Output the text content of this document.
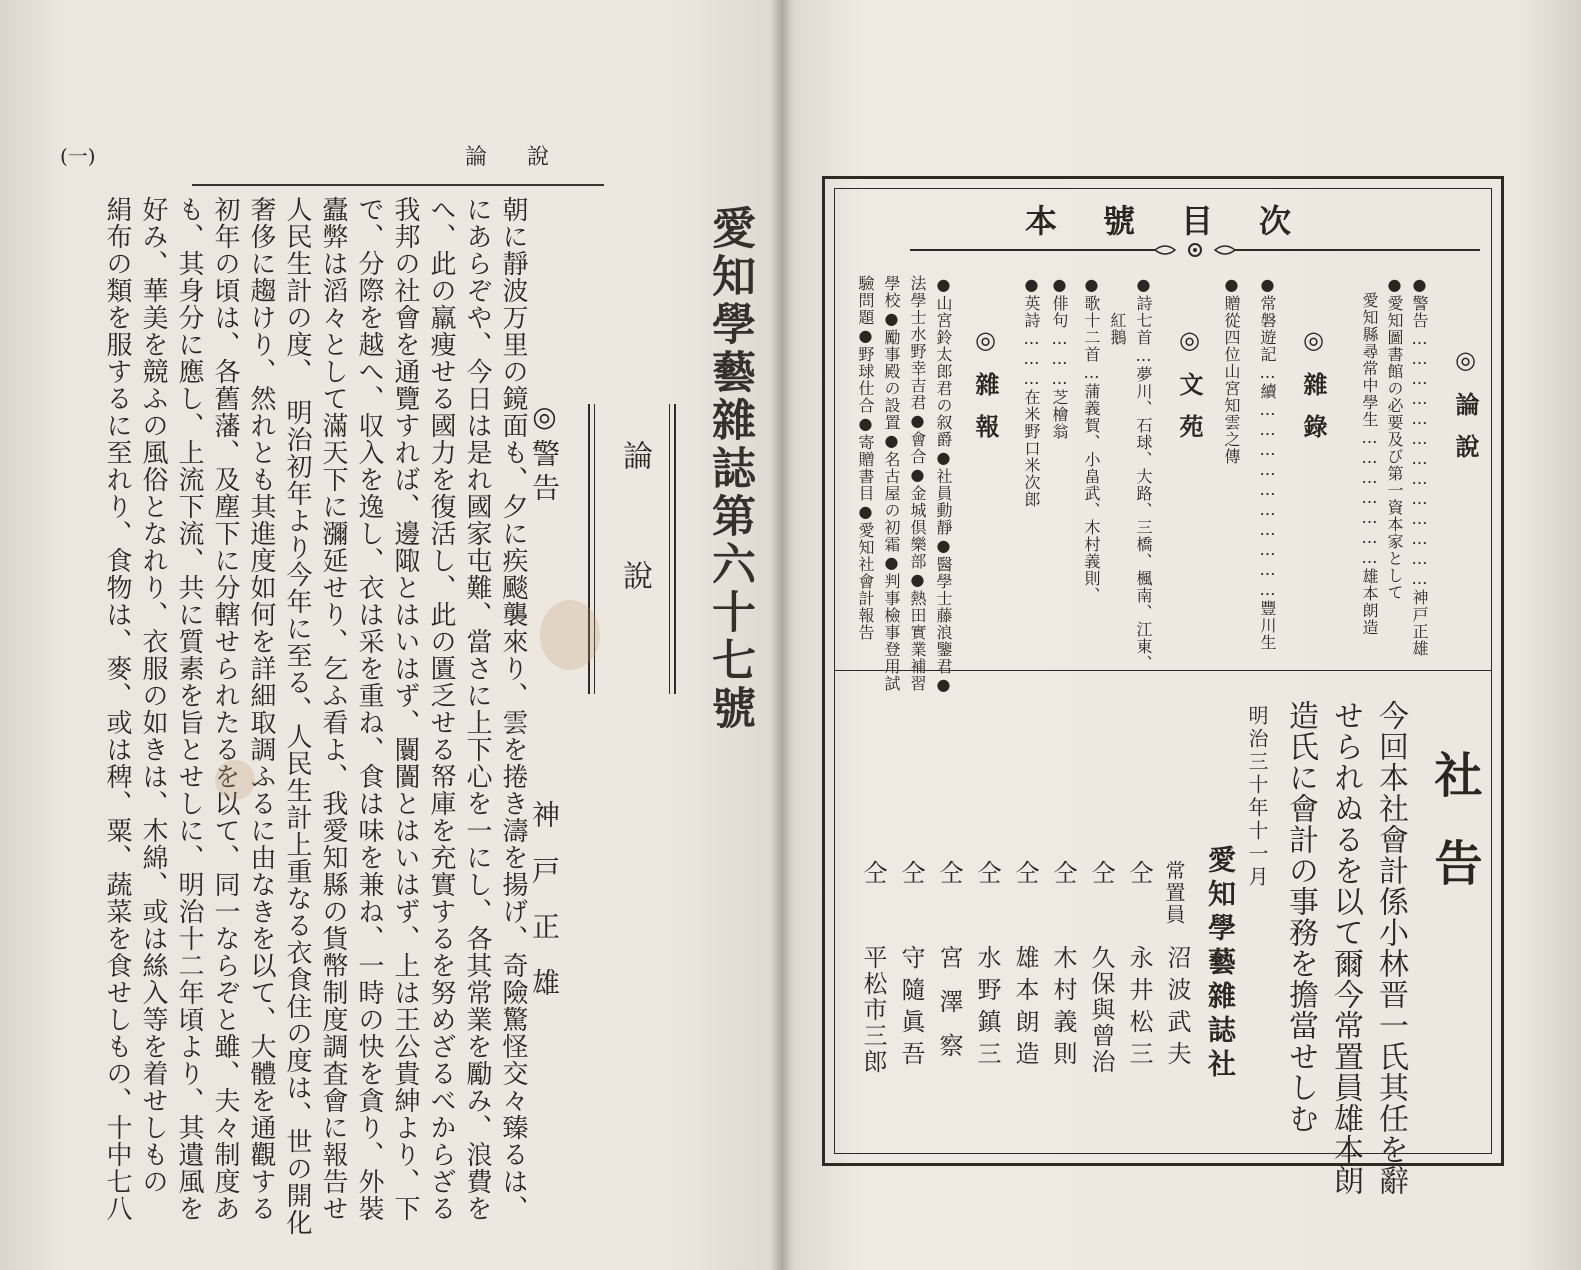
論說
(一)
朝に靜波万里の鏡面も、夕に疾颷襲來り、雲を捲き濤を揚げ、奇險驚怪交々臻るは、
にあらぞや、今日は是れ國家屯難、當さに上下心を一にし、各其常業を勵み、浪費を
へ、此の羸痩せる國力を復活し、此の匱乏せる帑庫を充實するを努めざるべからざる
我邦の社會を通覽すれば、邊陬とはいはず、闤闠とはいはず、上は王公貴紳より、下
で、分際を越へ、収入を逸し、衣は采を重ね、食は味を兼ね、一時の快を貪り、外裝
蠹弊は滔々として滿天下に瀰延せり、乞ふ看よ、我愛知縣の貨幣制度調査會に報告せ
人民生計の度、　明治初年より今年に至る、人民生計上重なる衣食住の度は、世の開化
奢侈に趨けり、然れとも其進度如何を詳細取調ふるに由なきを以て、大體を通觀する
初年の頃は、各舊藩、及塵下に分轄せられたるを以て、同一ならぞと雖、夫々制度あ
も、其身分に應し、上流下流、共に質素を旨とせしに、明治十二年頃より、其遺風を
好み、華美を競ふの風俗となれり、衣服の如きは、木綿、或は絲入等を着せしもの
絹布の類を服するに至れり、食物は、麥、或は稗、粟、蔬菜を食せしもの、十中七八
◎警告
神戸正雄
論說 愛知學藝雜誌第六十七號	本號目次
◎論說
●警告…………………………………神戸正雄
●愛知圖書館の必要及び第一資本家として
　愛知縣尋常中學生…………………雄本朗造
◎雜錄
●常磐遊記…續…………………………豐川生
●贈從四位山宮知雲之傳
◎文苑
●詩七首…夢川、石球、大路、三橋、楓南、江東、
　紅鵝
●歌十二首…蒲義賀、小畠武、木村義則、
●俳句………芝檜翁
●英詩………在米野口米次郎
◎雜報
●山宮鈴太郎君の叙爵●社員動靜●醫學士藤浪鑒君●
法學士水野幸吉君●會合●金城倶樂部●熱田實業補習
學校●勵事殿の設置●名古屋の初霜●判事檢事登用試
驗問題●野球仕合●寄贈書目●愛知社會計報告
社告
今回本社會計係小林晋一氏其任を辭
せられぬるを以て爾今常置員雄本朗
造氏に會計の事務を擔當せしむ
明治三十年十一月
愛知學藝雜誌社
常置員
沼波武夫
仝
永井松三
仝
久保與曾治
仝
木村義則
仝
雄本朗造
仝
水野鎮三
仝
宮澤察
仝
守隨眞吾
仝
平松市三郎
